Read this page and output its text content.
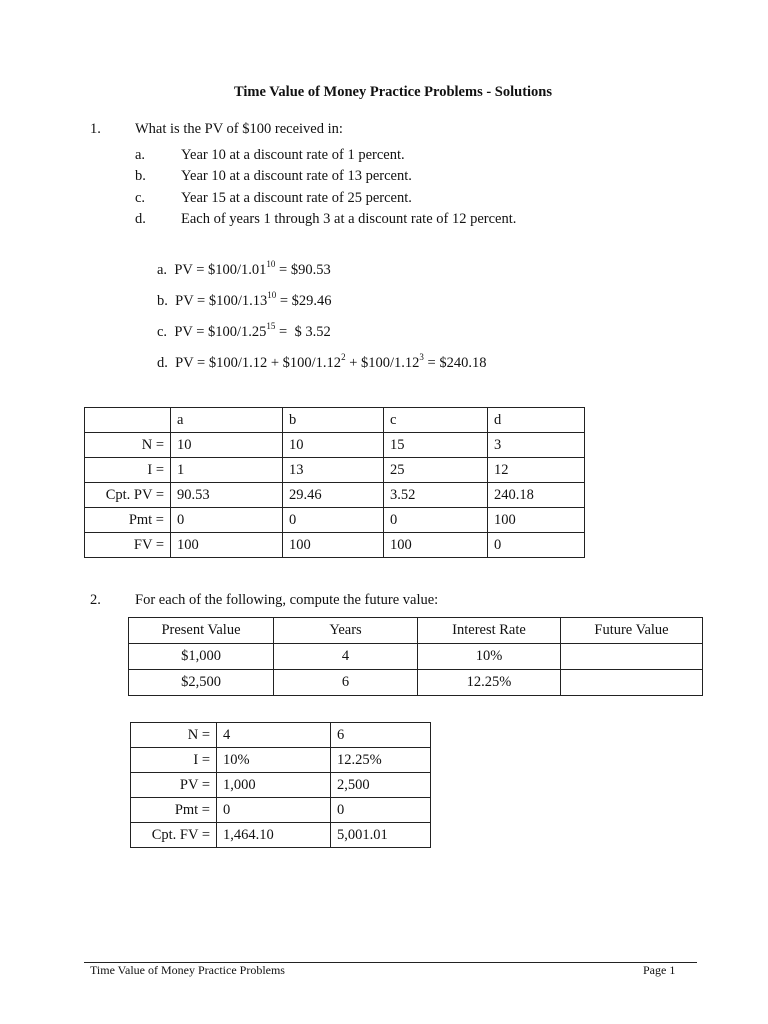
Time Value of Money Practice Problems - Solutions
1. What is the PV of $100 received in:
a. Year 10 at a discount rate of 1 percent.
b. Year 10 at a discount rate of 13 percent.
c. Year 15 at a discount rate of 25 percent.
d. Each of years 1 through 3 at a discount rate of 12 percent.
a. PV = $\$100/1.01^{10}$ = $90.53
b. PV = $\$100/1.13^{10}$ = $29.46
c. PV = $\$100/1.25^{15}$ =  $ 3.52
d. PV = $100/1.12 + $\$100/1.12^2$ + $\$100/1.12^3$ = $240.18
	a	b	c	d
N =	10	10	15	3
I =	1	13	25	12
Cpt. PV =	90.53	29.46	3.52	240.18
Pmt =	0	0	0	100
FV =	100	100	100	0
2. For each of the following, compute the future value:
Present Value	Years	Interest Rate	Future Value
$1,000	4	10%	
$2,500	6	12.25%	
N =	4	6
I =	10%	12.25%
PV =	1,000	2,500
Pmt =	0	0
Cpt. FV =	1,464.10	5,001.01
Time Value of Money Practice Problems	Page 1
